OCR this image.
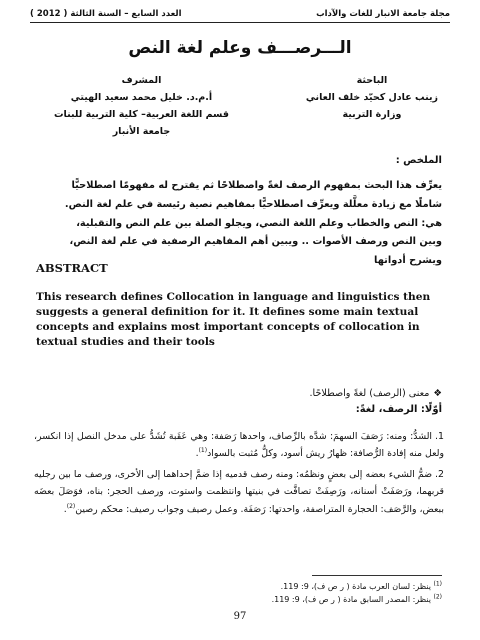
العدد السابع – السنة الثالثة ( 2012 )	مجلة جامعة الانبار للغات والآداب
الـــرصـــف وعلم لغة النص
المشرف
أ.م.د. خليل محمد سعيد الهيتي
قسم اللغة العربية– كلية التربية للبنات
جامعة الأنبار
الباحثة
زينب عادل كحيّد خلف العاني
وزارة التربية
الملخص :

يعرِّف هذا البحث بمفهوم الرصف لغةً واصطلاحًا ثم يقترح له مفهومًا اصطلاحيًّا

شاملًا مع زيادة معلَّلة ويعرِّف اصطلاحيًّا بمفاهيم نصية رئيسة في علم لغة النص.

هي: النص والخطاب وعلم اللغة النصي، ويجلو الصلة بين علم النص والتقبلية،

وبين النص ورصف الأصوات .. ويبين أهم المفاهيم الرصفية في علم لغة النص،

ويشرح أدواتها

ABSTRACT
This research defines Collocation in language and linguistics then suggests a general definition for it. It defines some main textual concepts and explains most important concepts of collocation in textual studies and their tools
❖معنى (الرصف) لغةً واصطلاحًا.
أوّلًا: الرصف، لغةً:
1.الشدُّ: ومنه: رَصَفَ السهمَ: شدَّه بالرِّصاف، واحدها رَصَفة: وهي عَقَبة تُشَدُّ على مدخل النصل إذا انكسر، ولعل منه إفادة الرُّصافة: ظهارُ ريش أسود، وكلُّ مُثبت بالسواد$^{(1)}$.
2.ضمُّ الشيء بعضه إلى بعضٍ ونظمُه: ومنه رصف قدميه إذا ضمَّ إحداهما إلى الأخرى، ورصف ما بين رجليه قربهما، ورَصَفَتْ أسنانه، ورَصِفَتْ تصافَّت في بنيتها وانتظمت واستوت، ورصف الحجر: بناه، فوَصَلَ بعضَه ببعض، والرَّصَف: الحجارة المتراصفة، واحدتها: رَصَفَة. وعمل رصيف وجواب رصيف: محكم رصين$^{(2)}$.
$^{(1)}$ ينظر: لسان العرب مادة ( ر ص ف)، 9: 119.
$^{(2)}$ ينظر: المصدر السابق مادة ( ر ص ف)، 9: 119.
97
